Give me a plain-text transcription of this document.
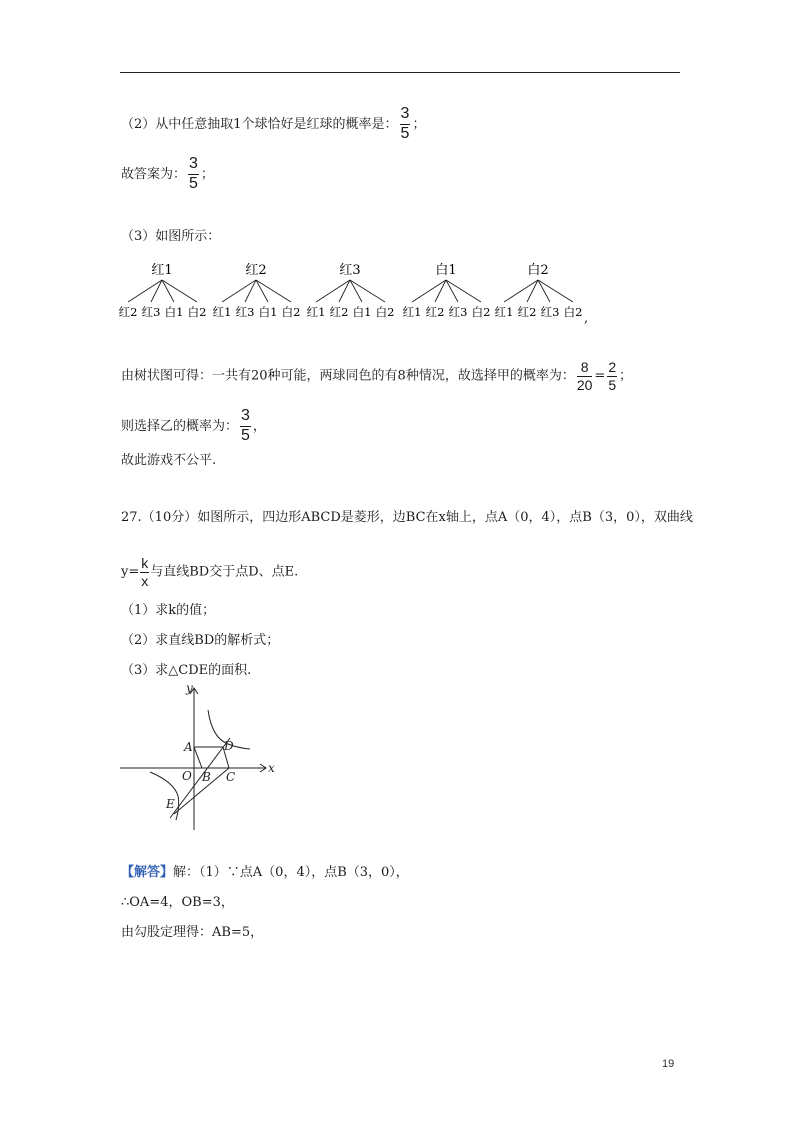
（2）从中任意抽取1个球恰好是红球的概率是： $\frac{3}{5}$ ；
故答案为： $\frac{3}{5}$ ；
（3）如图所示：
红1
红2 红3 白1 白2
红2
红1 红3 白1 白2
红3
红1 红2 白1 白2
白1
红1 红2 红3 白2
白2
红1 红2 红3 白2 ,
由树状图可得：一共有20种可能，两球同色的有8种情况，故选择甲的概率为： $\frac{8}{20} = \frac{2}{5}$ ；
则选择乙的概率为： $\frac{3}{5}$ ，
故此游戏不公平.
27.（10分）如图所示，四边形ABCD是菱形，边BC在x轴上，点A（0，4），点B（3，0），双曲线
$y= \frac{k}{x}$ 与直线BD交于点D、点E.
（1）求k的值；
（2）求直线BD的解析式；
（3）求△CDE的面积.
y
x
A	D
O B C
E
【解答】解：（1）∵点A（0，4），点B（3，0），
∴OA=4，OB=3，
由勾股定理得：AB=5，
19
